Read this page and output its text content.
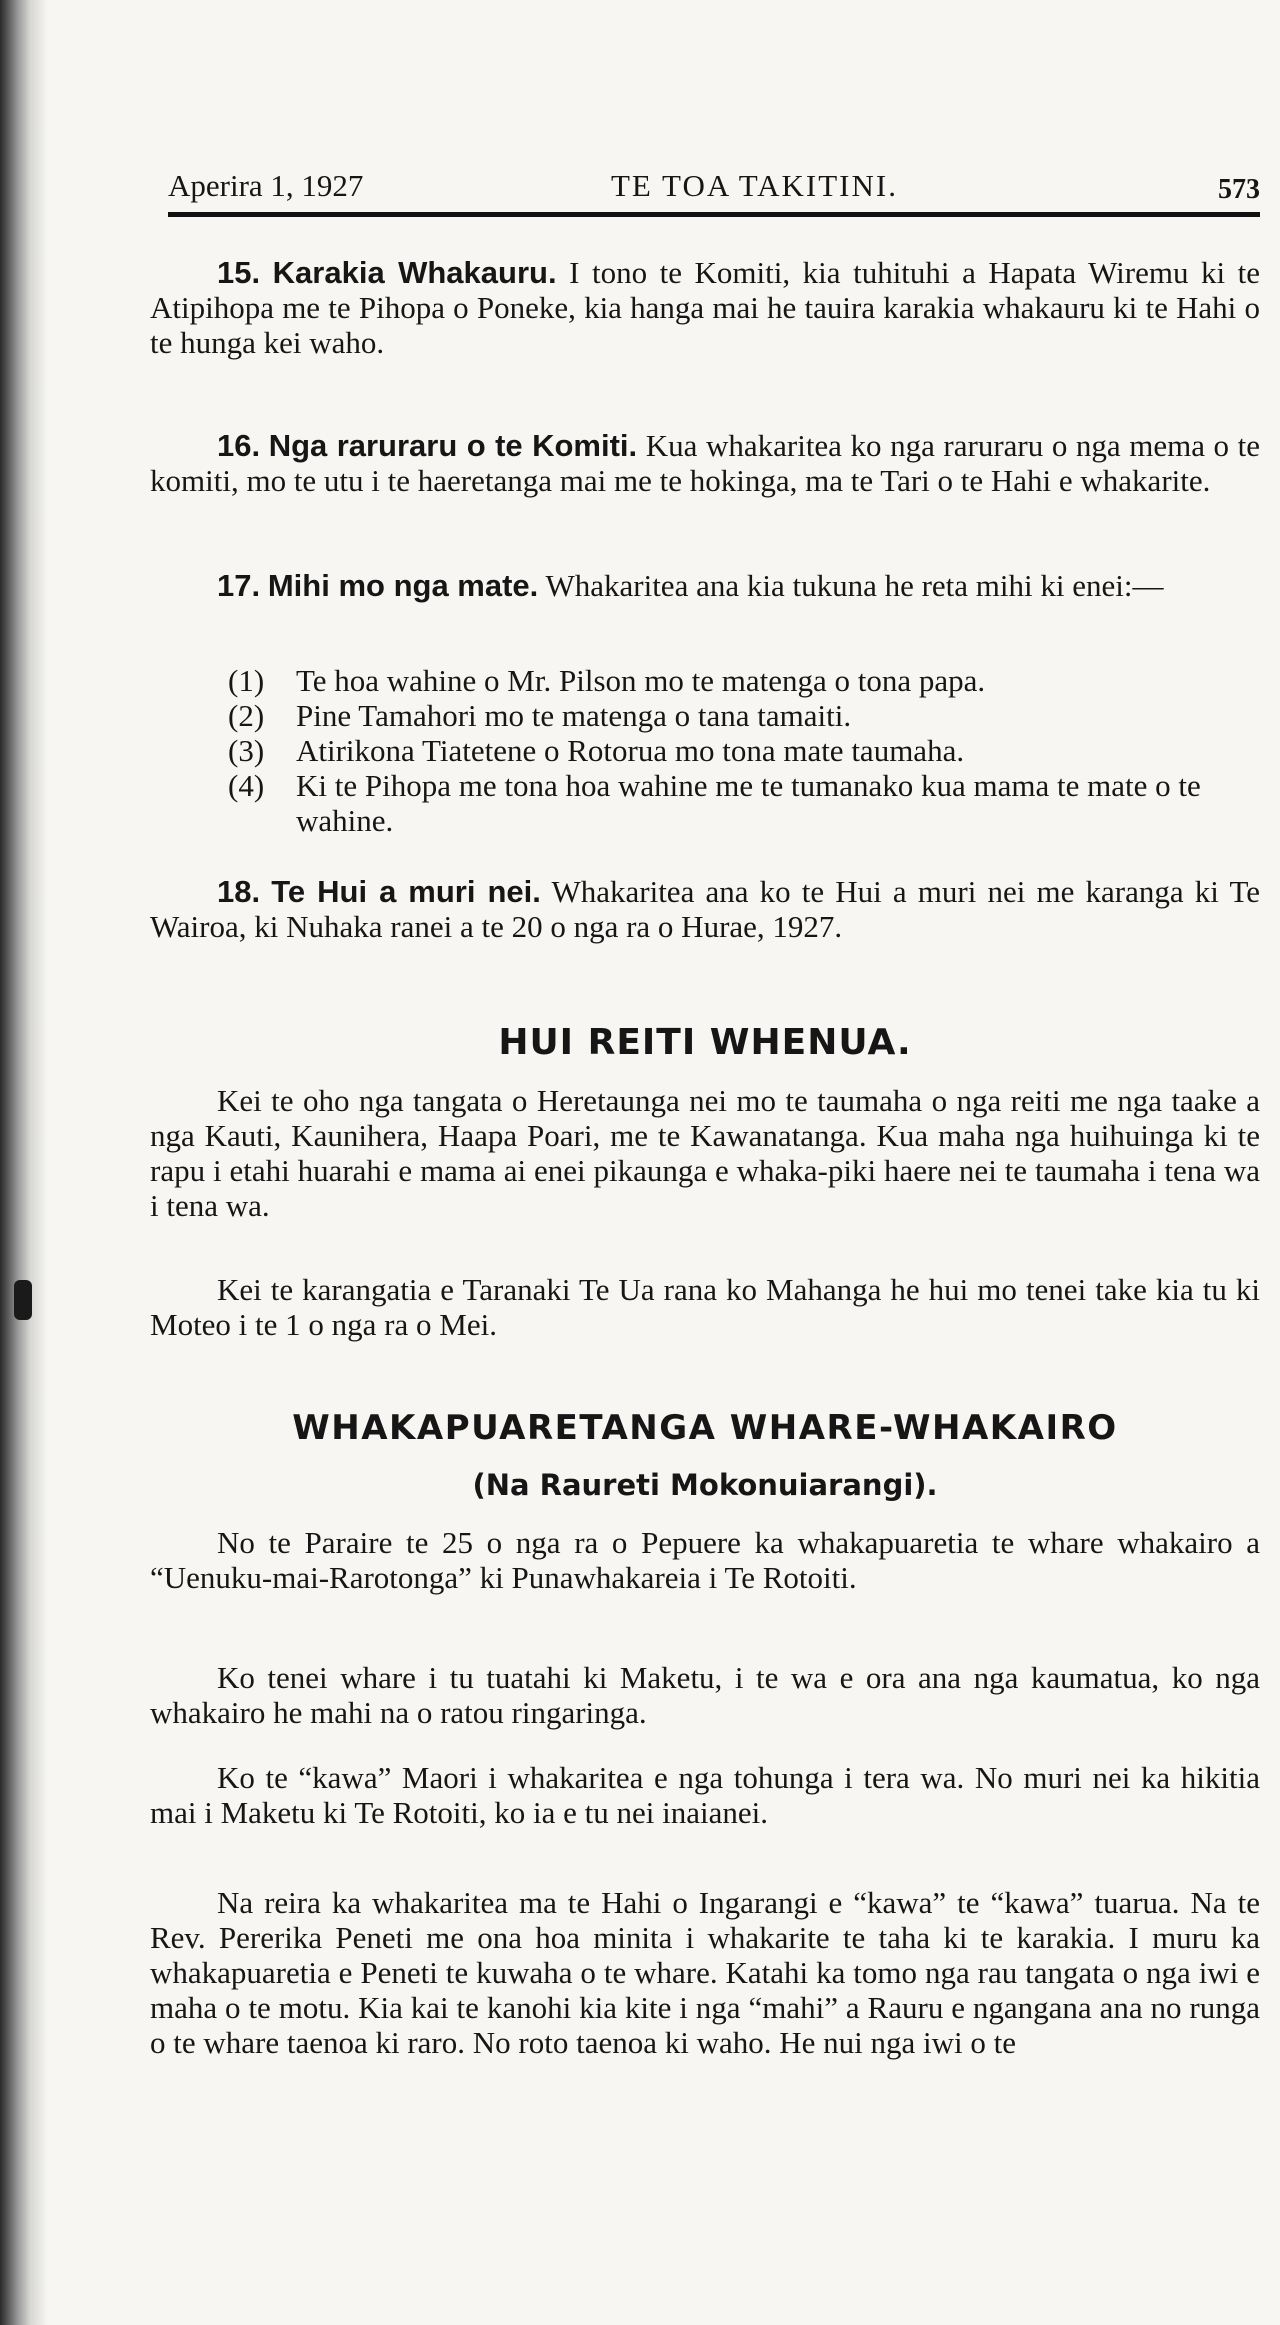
Aperira 1, 1927	TE TOA TAKITINI.	573

15. Karakia Whakauru. I tono te Komiti, kia tuhituhi a Hapata Wiremu ki te Atipihopa me te Pihopa o Poneke, kia hanga mai he tauira karakia whakauru ki te Hahi o te hunga kei waho.

16. Nga raruraru o te Komiti. Kua whakaritea ko nga raruraru o nga mema o te komiti, mo te utu i te haeretanga mai me te hokinga, ma te Tari o te Hahi e whakarite.

17. Mihi mo nga mate. Whakaritea ana kia tukuna he reta mihi ki enei:—

(1)	Te hoa wahine o Mr. Pilson mo te matenga o tona papa.
(2)	Pine Tamahori mo te matenga o tana tamaiti.
(3)	Atirikona Tiatetene o Rotorua mo tona mate taumaha.
(4)	Ki te Pihopa me tona hoa wahine me te tumanako kua mama te mate o te wahine.

18. Te Hui a muri nei. Whakaritea ana ko te Hui a muri nei me karanga ki Te Wairoa, ki Nuhaka ranei a te 20 o nga ra o Hurae, 1927.

HUI REITI WHENUA.

Kei te oho nga tangata o Heretaunga nei mo te taumaha o nga reiti me nga taake a nga Kauti, Kaunihera, Haapa Poari, me te Kawanatanga. Kua maha nga huihuinga ki te rapu i etahi huarahi e mama ai enei pikaunga e whaka-piki haere nei te taumaha i tena wa i tena wa.

Kei te karangatia e Taranaki Te Ua rana ko Mahanga he hui mo tenei take kia tu ki Moteo i te 1 o nga ra o Mei.

WHAKAPUARETANGA WHARE-WHAKAIRO
(Na Raureti Mokonuiarangi).

No te Paraire te 25 o nga ra o Pepuere ka whakapuaretia te whare whakairo a “Uenuku-mai-Rarotonga” ki Punawhakareia i Te Rotoiti.

Ko tenei whare i tu tuatahi ki Maketu, i te wa e ora ana nga kaumatua, ko nga whakairo he mahi na o ratou ringaringa.

Ko te “kawa” Maori i whakaritea e nga tohunga i tera wa. No muri nei ka hikitia mai i Maketu ki Te Rotoiti, ko ia e tu nei inaianei.

Na reira ka whakaritea ma te Hahi o Ingarangi e “kawa” te “kawa” tuarua. Na te Rev. Pererika Peneti me ona hoa minita i whakarite te taha ki te karakia. I muru ka whakapuaretia e Peneti te kuwaha o te whare. Katahi ka tomo nga rau tangata o nga iwi e maha o te motu. Kia kai te kanohi kia kite i nga “mahi” a Rauru e ngangana ana no runga o te whare taenoa ki raro. No roto taenoa ki waho. He nui nga iwi o te
